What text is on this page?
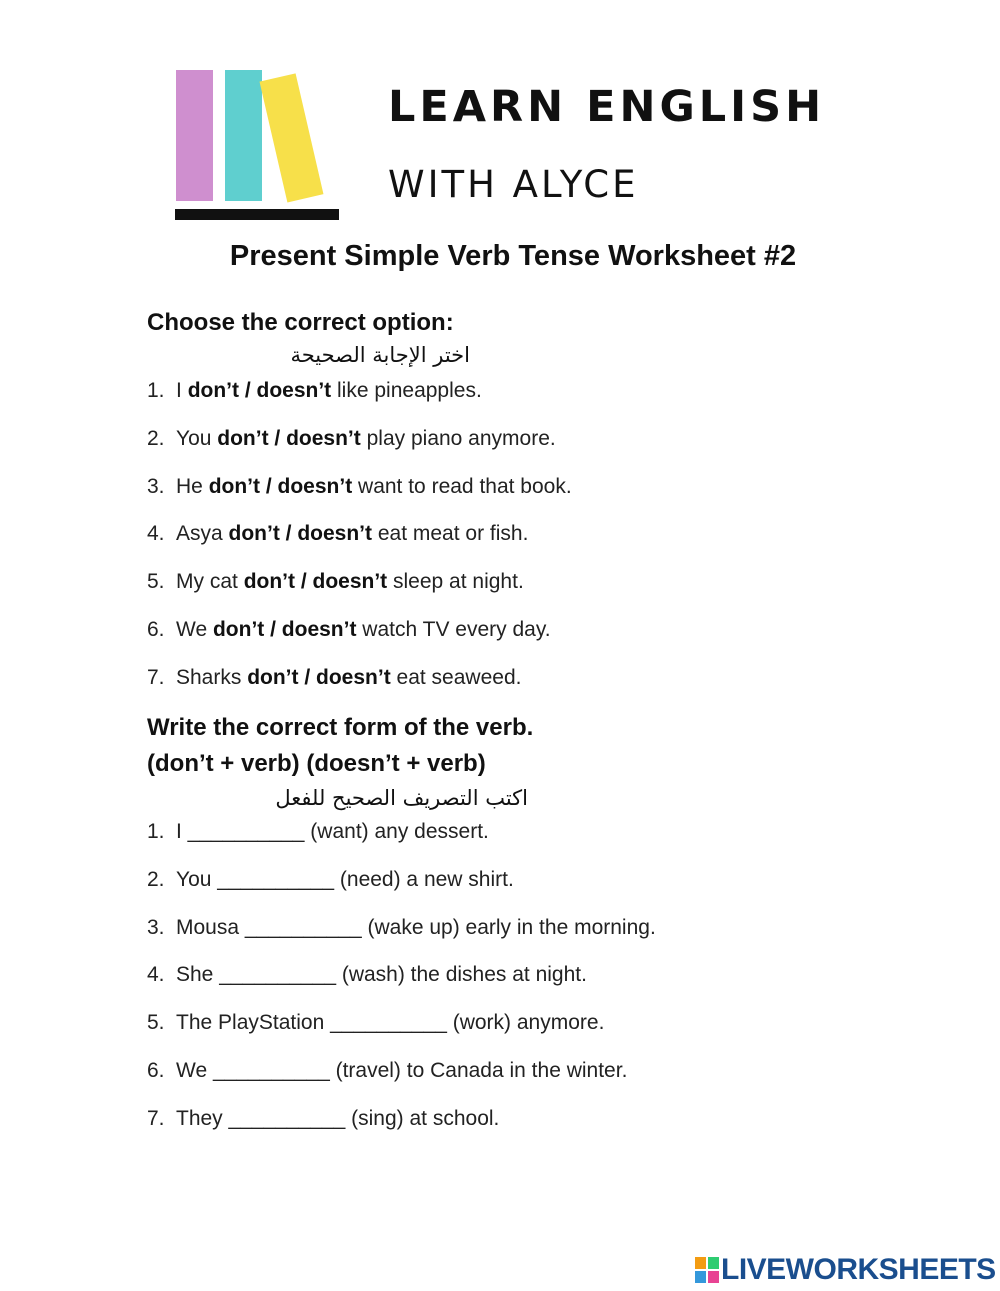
LEARN ENGLISH
WITH ALYCE
Present Simple Verb Tense Worksheet #2
Choose the correct option:
اختر الإجابة الصحيحة
1. I don’t / doesn’t like pineapples.
2. You don’t / doesn’t play piano anymore.
3. He don’t / doesn’t want to read that book.
4. Asya don’t / doesn’t eat meat or fish.
5. My cat don’t / doesn’t sleep at night.
6. We don’t / doesn’t watch TV every day.
7. Sharks don’t / doesn’t eat seaweed.
Write the correct form of the verb.
(don’t + verb) (doesn’t + verb)
اكتب التصريف الصحيح للفعل
1. I __________ (want) any dessert.
2. You __________ (need) a new shirt.
3. Mousa __________ (wake up) early in the morning.
4. She __________ (wash) the dishes at night.
5. The PlayStation __________ (work) anymore.
6. We __________ (travel) to Canada in the winter.
7. They __________ (sing) at school.
LIVEWORKSHEETS
